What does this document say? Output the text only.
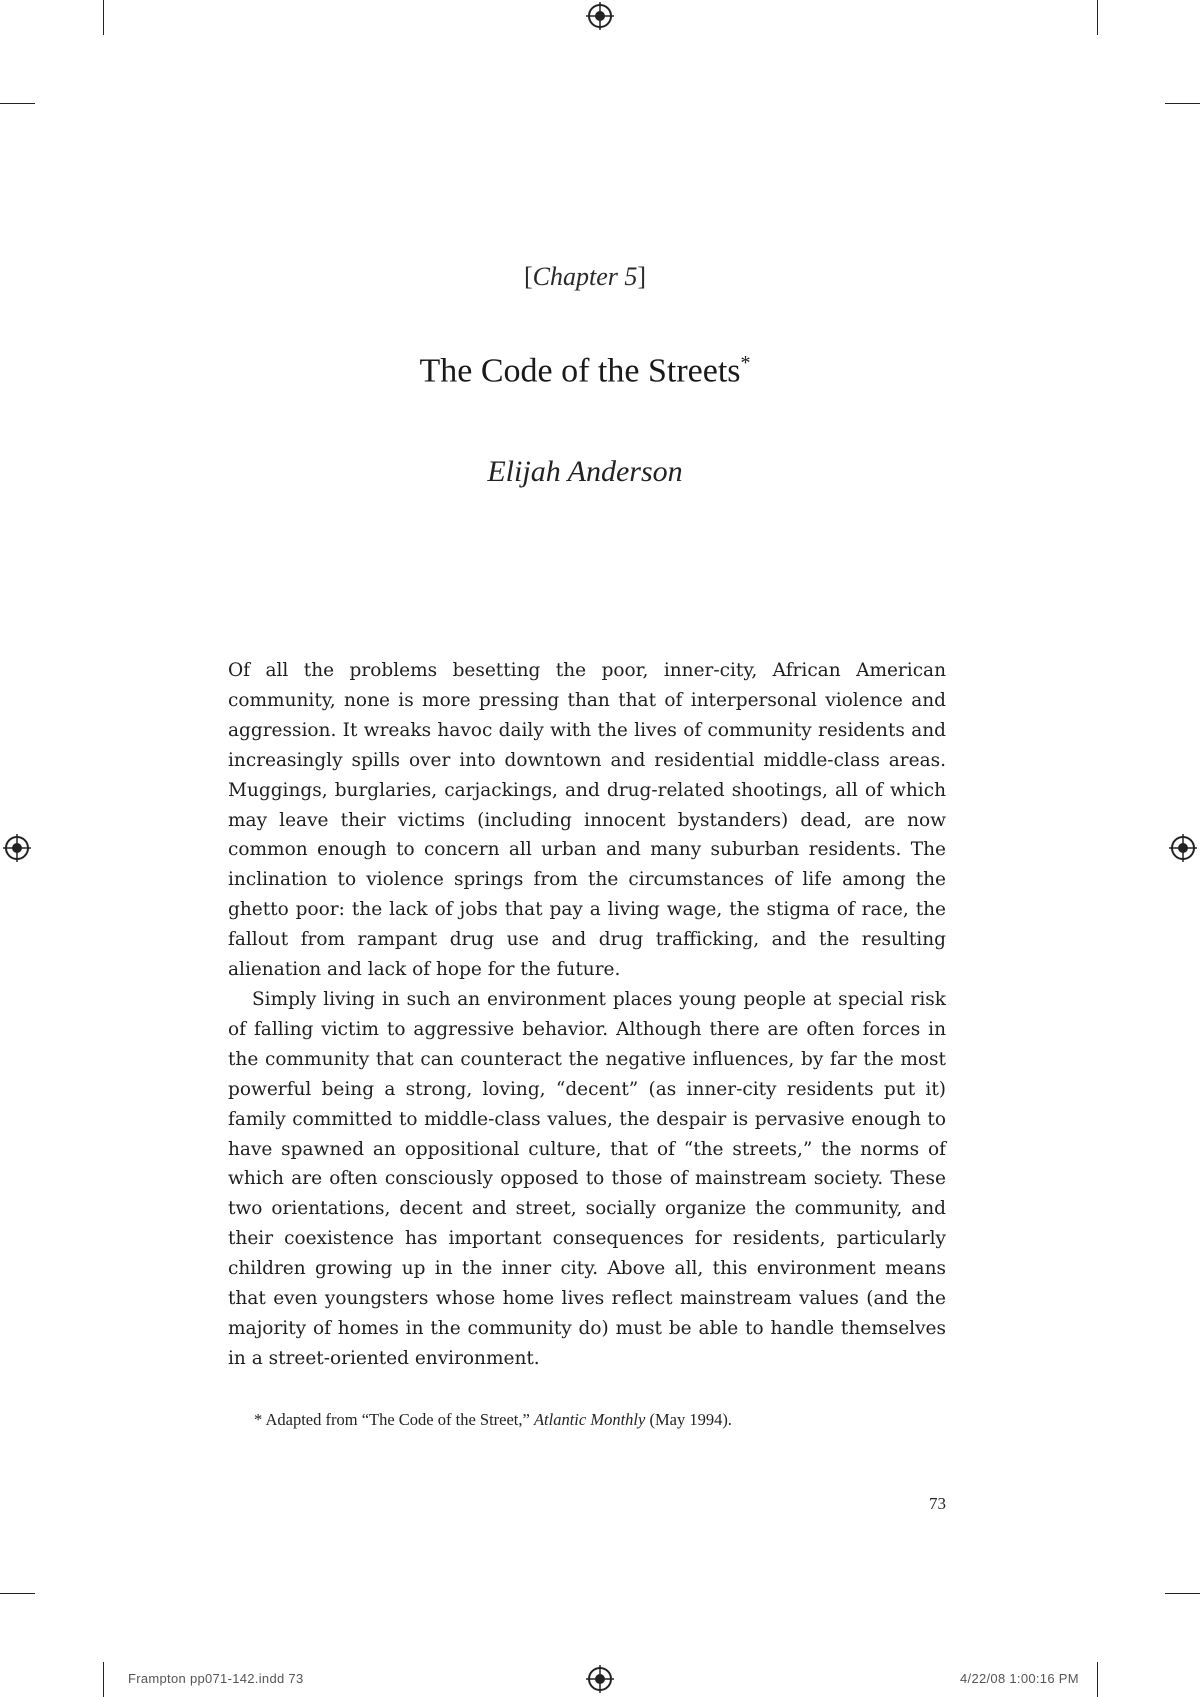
[Chapter 5]
The Code of the Streets*
Elijah Anderson

Of all the problems besetting the poor, inner-city, African American community, none is more pressing than that of interpersonal violence and aggression. It wreaks havoc daily with the lives of community residents and increasingly spills over into downtown and residential middle-class areas. Muggings, burglaries, carjackings, and drug-related shootings, all of which may leave their victims (including innocent bystanders) dead, are now common enough to concern all urban and many suburban residents. The inclination to violence springs from the circumstances of life among the ghetto poor: the lack of jobs that pay a living wage, the stigma of race, the fallout from rampant drug use and drug trafficking, and the resulting alienation and lack of hope for the future.

Simply living in such an environment places young people at special risk of falling victim to aggressive behavior. Although there are often forces in the community that can counteract the negative influences, by far the most powerful being a strong, loving, “decent” (as inner-city residents put it) family committed to middle-class values, the despair is pervasive enough to have spawned an oppositional culture, that of “the streets,” the norms of which are often consciously opposed to those of mainstream society. These two orientations, decent and street, socially organize the community, and their coexistence has important consequences for residents, particularly children growing up in the inner city. Above all, this environment means that even youngsters whose home lives reflect mainstream values (and the majority of homes in the community do) must be able to handle themselves in a street-oriented environment.

* Adapted from “The Code of the Street,” Atlantic Monthly (May 1994).
73
Frampton pp071-142.indd 73	4/22/08 1:00:16 PM
